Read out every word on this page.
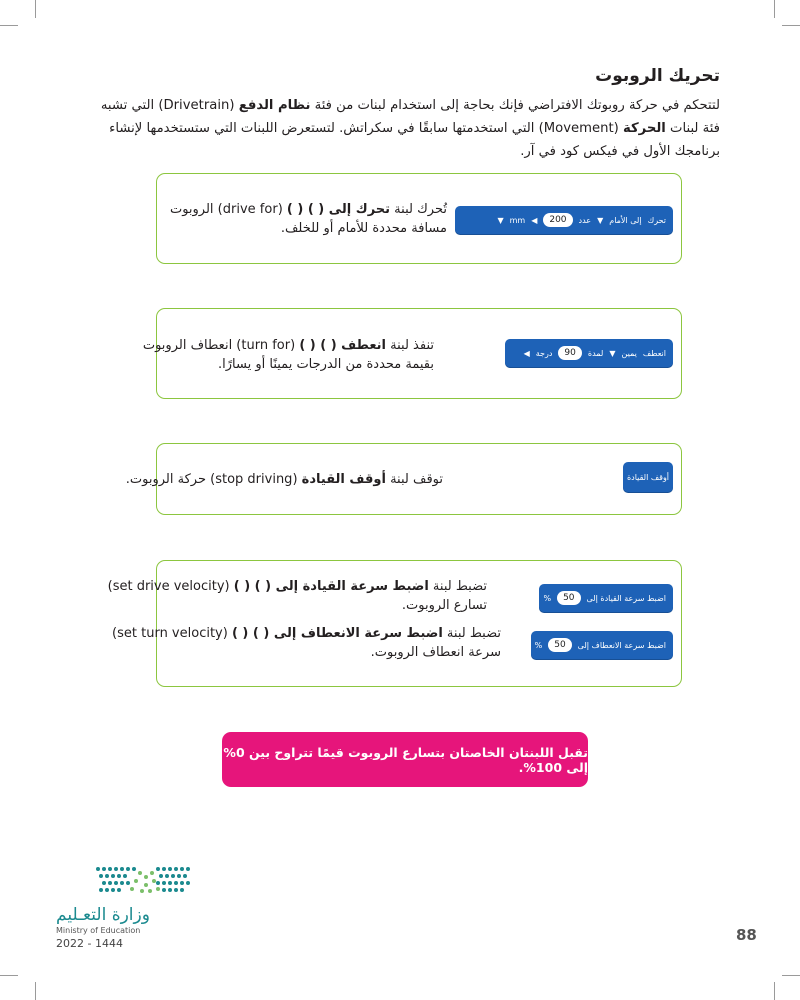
تحريك الروبوت

لتتحكم في حركة روبوتك الافتراضي فإنك بحاجة إلى استخدام لبنات من فئة نظام الدفع (Drivetrain) التي تشبه فئة لبنات الحركة (Movement) التي استخدمتها سابقًا في سكراتش. لتستعرض اللبنات التي ستستخدمها لإنشاء برنامجك الأول في فيكس كود في آر.

تحرك
إلى الأمام
▼
عدد
200
◀
mm
▼
تُحرك لبنة تحرك إلى ( ) ( ) (drive for) الروبوت
مسافة محددة للأمام أو للخلف.
انعطف
يمين
▼
لمدة
90
درجة
◀
تنفذ لبنة انعطف ( ) ( ) (turn for) انعطاف الروبوت
بقيمة محددة من الدرجات يمينًا أو يسارًا.
أوقف القيادة
توقف لبنة أوقف القيادة (stop driving) حركة الروبوت.
اضبط سرعة القيادة إلى
50
%
اضبط سرعة الانعطاف إلى
50
%
تضبط لبنة اضبط سرعة القيادة إلى ( ) ( ) (set drive velocity)
تسارع الروبوت.
تضبط لبنة اضبط سرعة الانعطاف إلى ( ) ( ) (set turn velocity)
سرعة انعطاف الروبوت.
تقبل اللبنتان الخاصتان بتسارع الروبوت قيمًا تتراوح بين 0% إلى 100%.
وزارة التعـليم
Ministry of Education
2022 - 1444	88
